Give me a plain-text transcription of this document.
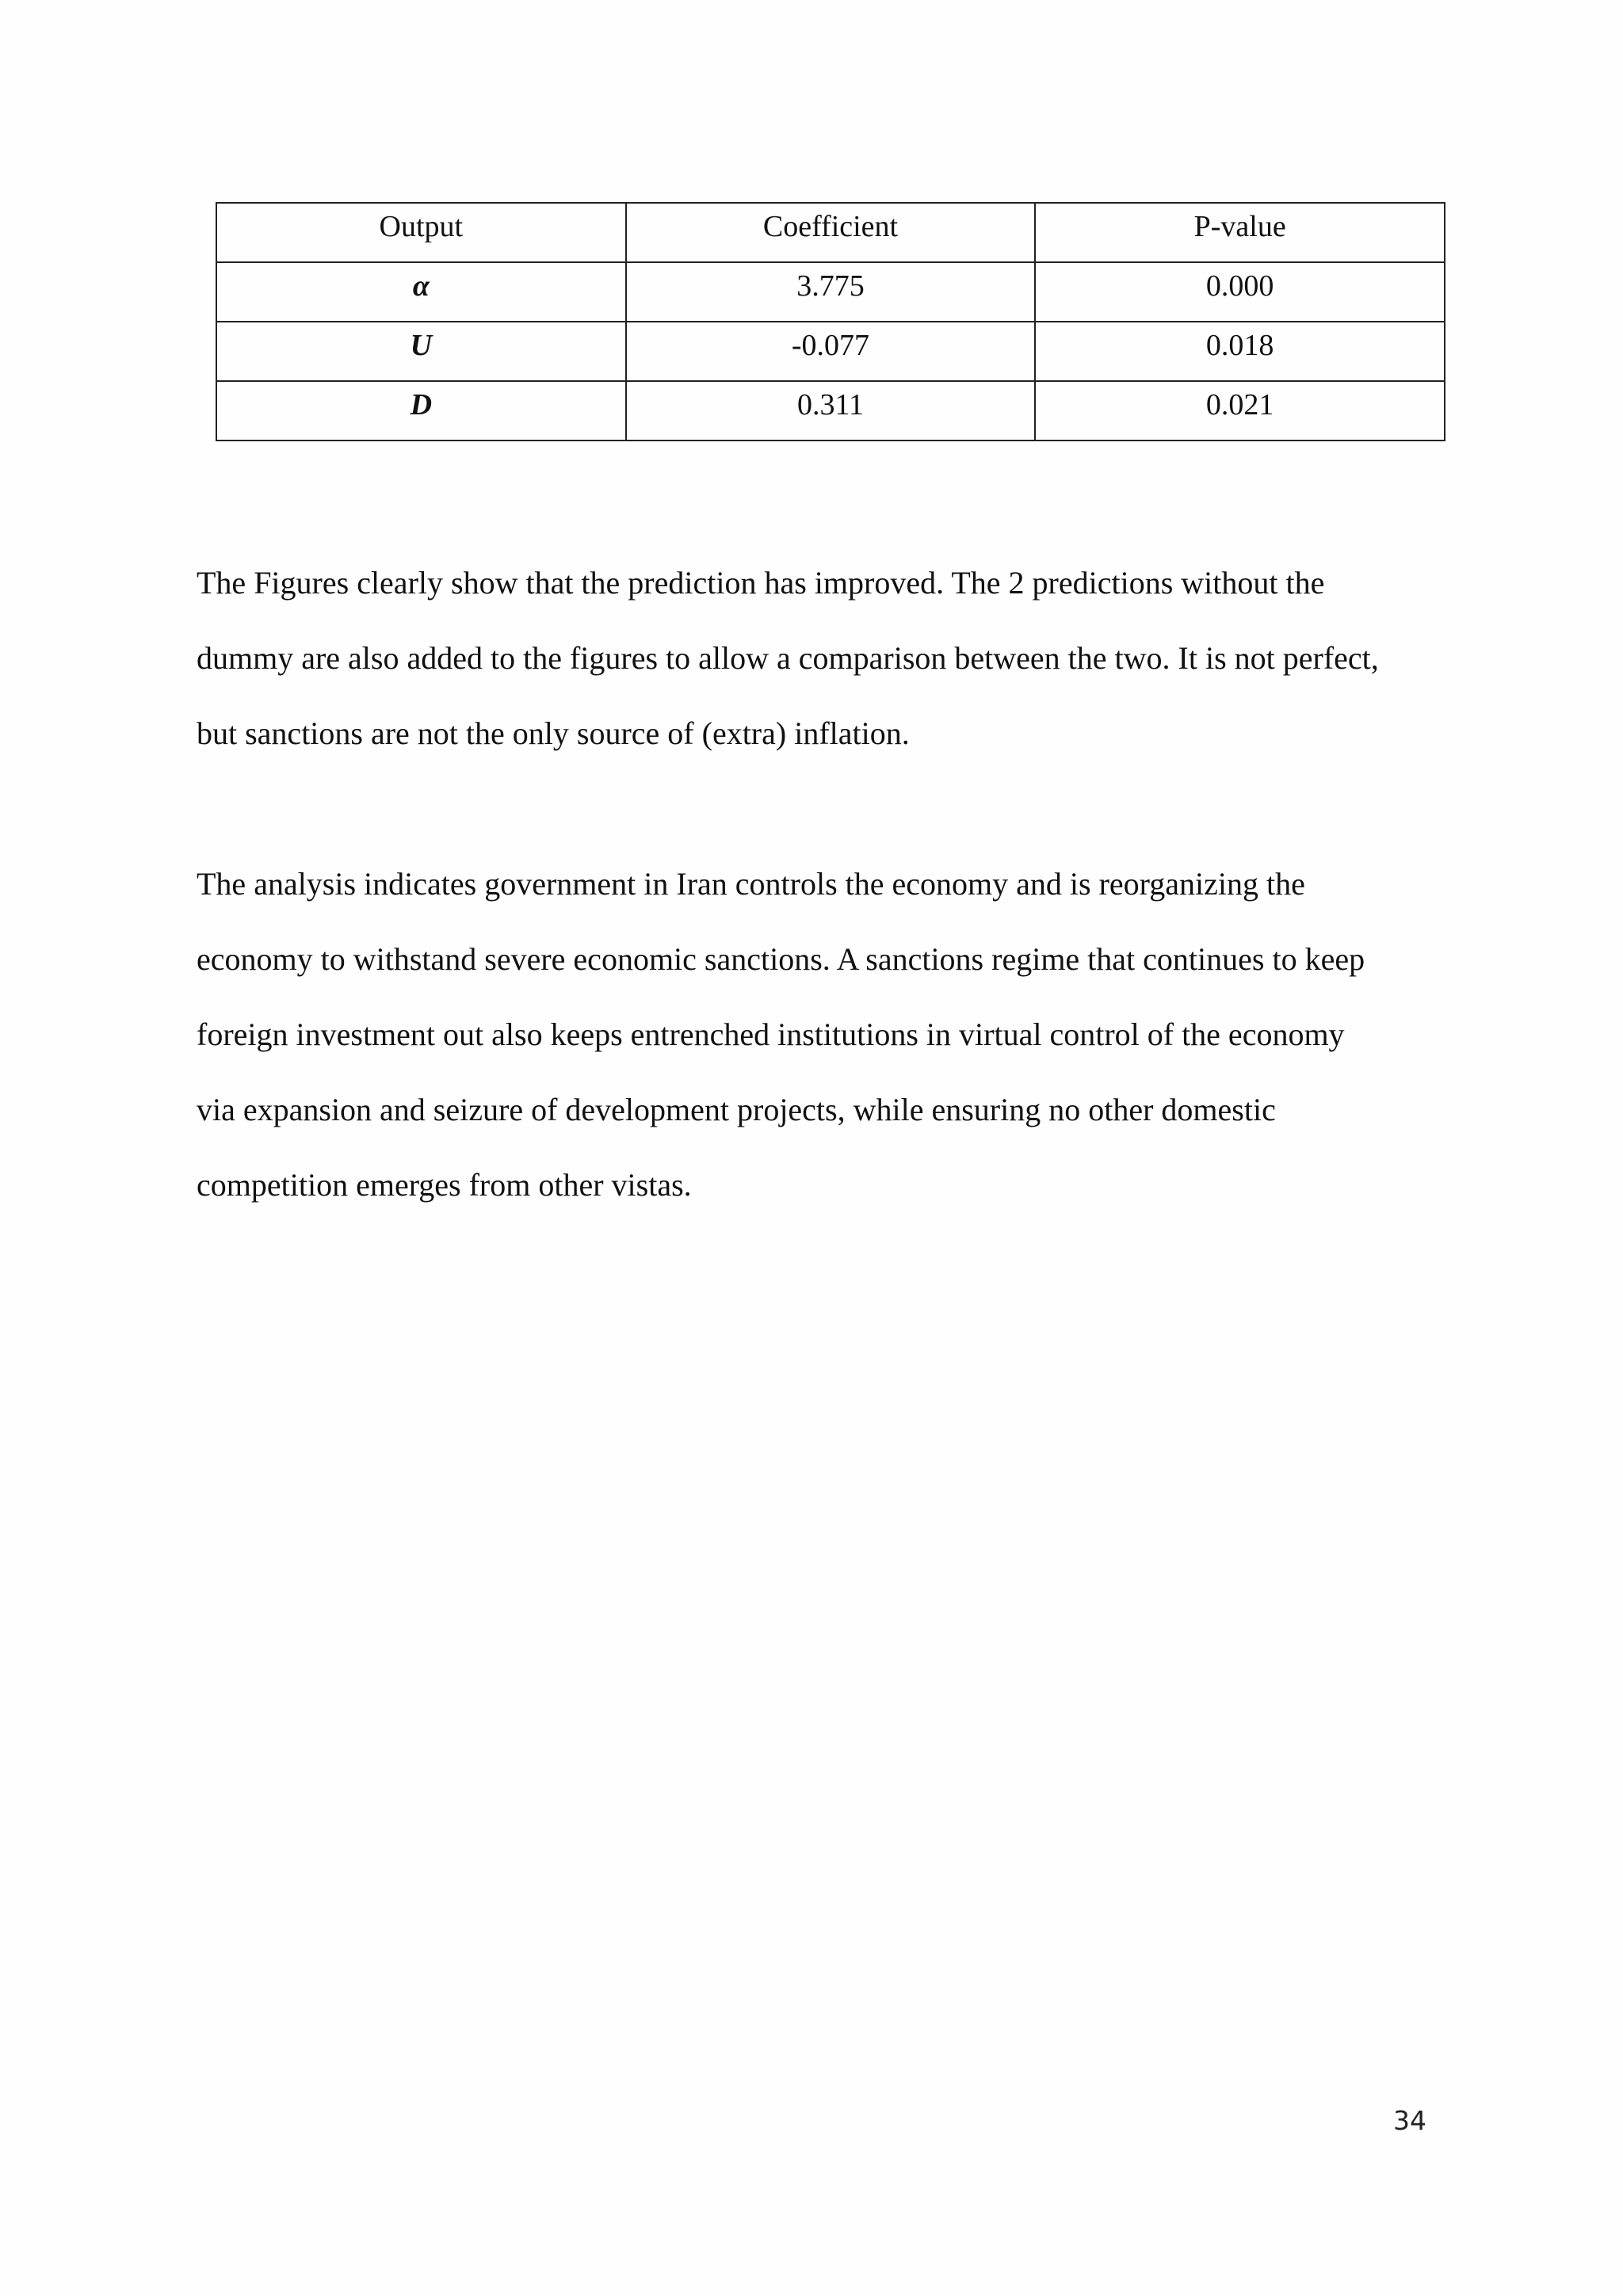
Output	Coefficient	P-value
α	3.775	0.000
U	-0.077	0.018
D	0.311	0.021

The Figures clearly show that the prediction has improved. The 2 predictions without the
dummy are also added to the figures to allow a comparison between the two. It is not perfect,
but sanctions are not the only source of (extra) inflation.

The analysis indicates government in Iran controls the economy and is reorganizing the
economy to withstand severe economic sanctions. A sanctions regime that continues to keep
foreign investment out also keeps entrenched institutions in virtual control of the economy
via expansion and seizure of development projects, while ensuring no other domestic
competition emerges from other vistas.

34
